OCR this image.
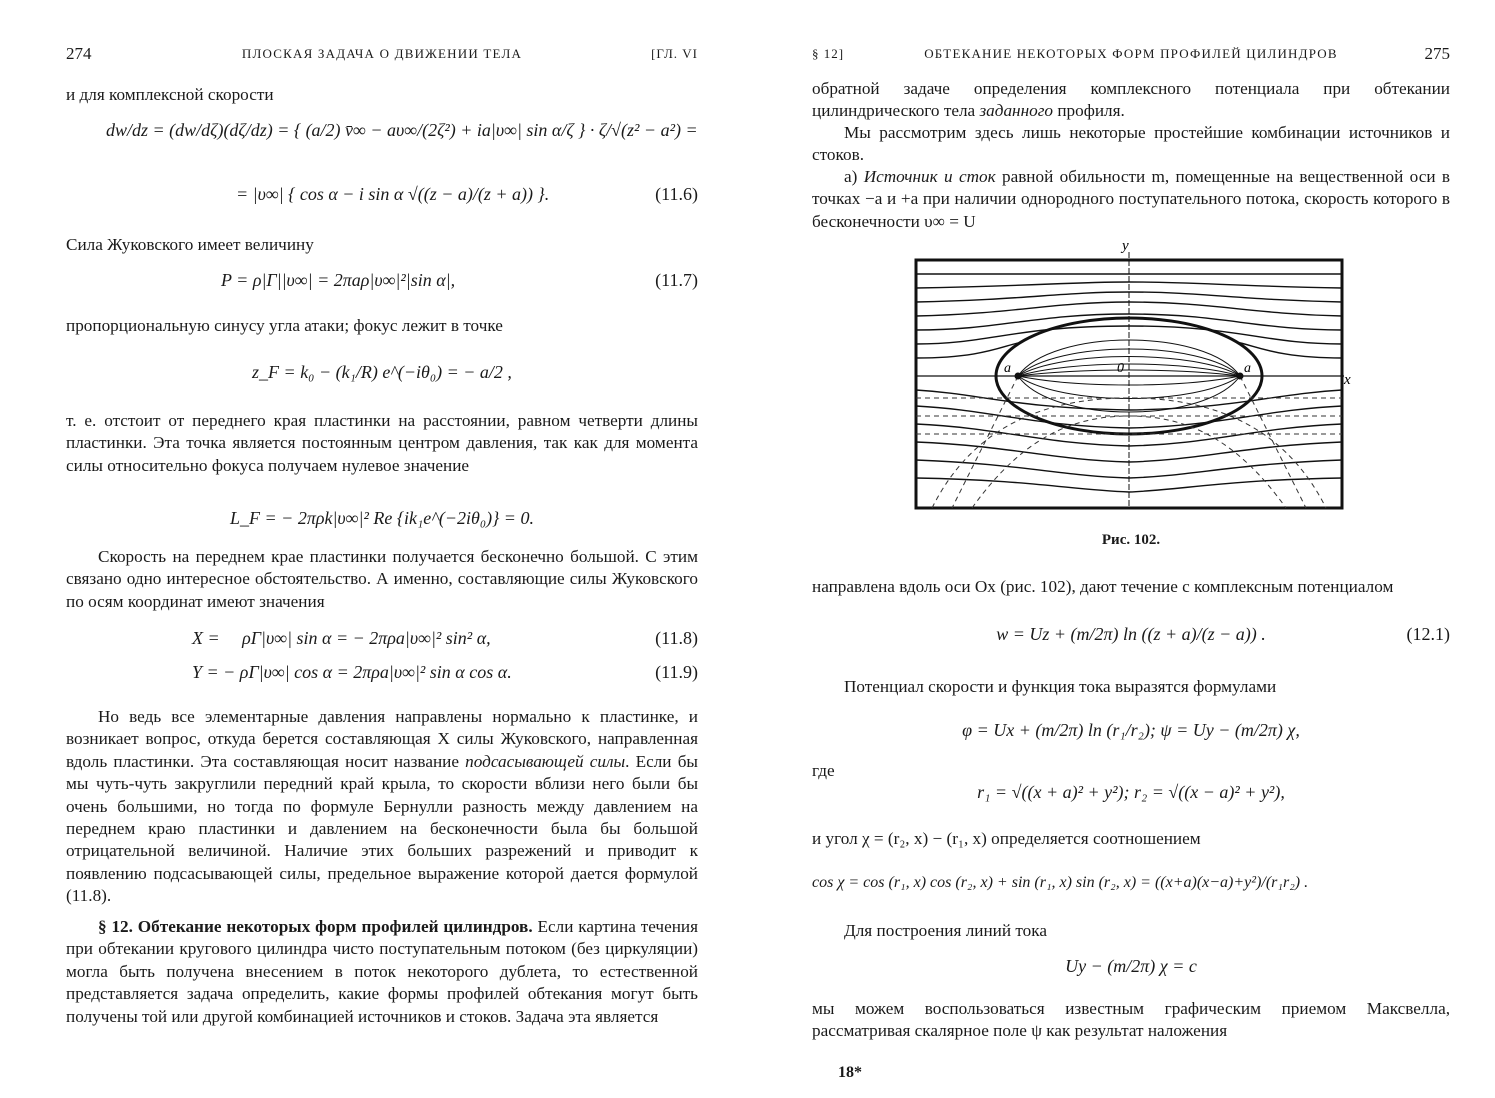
274	ПЛОСКАЯ ЗАДАЧА О ДВИЖЕНИИ ТЕЛА	[ГЛ. VI
и для комплексной скорости
dw/dz = (dw/dζ)(dζ/dz) = { (a/2) v̄∞ − aυ∞/(2ζ²) + ia|υ∞| sin α/ζ } · ζ/√(z² − a²) =
= |υ∞| { cos α − i sin α √((z − a)/(z + a)) }.	(11.6)
Сила Жуковского имеет величину
P = ρ|Γ||υ∞| = 2πaρ|υ∞|²|sin α|,	(11.7)
пропорциональную синусу угла атаки; фокус лежит в точке
z_F = k₀ − (k₁/R) e^(−iθ₀) = − a/2 ,
т. е. отстоит от переднего края пластинки на расстоянии, равном четверти длины пластинки. Эта точка является постоянным центром давления, так как для момента силы относительно фокуса получаем нулевое значение
L_F = − 2πρk|υ∞|² Re {ik₁e^(−2iθ₀)} = 0.
Скорость на переднем крае пластинки получается бесконечно большой. С этим связано одно интересное обстоятельство. А именно, составляющие силы Жуковского по осям координат имеют значения
X =     ρΓ|υ∞| sin α = − 2πρa|υ∞|² sin² α,	(11.8)
Y = − ρΓ|υ∞| cos α = 2πρa|υ∞|² sin α cos α.	(11.9)
Но ведь все элементарные давления направлены нормально к пластинке, и возникает вопрос, откуда берется составляющая X силы Жуковского, направленная вдоль пластинки. Эта составляющая носит название подсасывающей силы. Если бы мы чуть-чуть закруглили передний край крыла, то скорости вблизи него были бы очень большими, но тогда по формуле Бернулли разность между давлением на переднем краю пластинки и давлением на бесконечности была бы большой отрицательной величиной. Наличие этих больших разрежений и приводит к появлению подсасывающей силы, предельное выражение которой дается формулой (11.8).
§ 12. Обтекание некоторых форм профилей цилиндров. Если картина течения при обтекании кругового цилиндра чисто поступательным потоком (без циркуляции) могла быть получена внесением в поток некоторого дублета, то естественной представляется задача определить, какие формы профилей обтекания могут быть получены той или другой комбинацией источников и стоков. Задача эта является
§ 12]	ОБТЕКАНИЕ НЕКОТОРЫХ ФОРМ ПРОФИЛЕЙ ЦИЛИНДРОВ	275
обратной задаче определения комплексного потенциала при обтекании цилиндрического тела заданного профиля.
Мы рассмотрим здесь лишь некоторые простейшие комбинации источников и стоков.
а) Источник и сток равной обильности m, помещенные на вещественной оси в точках −a и +a при наличии однородного поступательного потока, скорость которого в бесконечности υ∞ = U
y
x
0
a	a
Рис. 102.
направлена вдоль оси Ox (рис. 102), дают течение с комплексным потенциалом
w = Uz + (m/2π) ln ((z + a)/(z − a)) .	(12.1)
Потенциал скорости и функция тока выразятся формулами
φ = Ux + (m/2π) ln (r₁/r₂); ψ = Uy − (m/2π) χ,
где
r₁ = √((x + a)² + y²); r₂ = √((x − a)² + y²),
и угол χ = (r₂, x) − (r₁, x) определяется соотношением
cos χ = cos (r₁, x) cos (r₂, x) + sin (r₁, x) sin (r₂, x) = ((x+a)(x−a)+y²)/(r₁r₂) .
Для построения линий тока
Uy − (m/2π) χ = c
мы можем воспользоваться известным графическим приемом Максвелла, рассматривая скалярное поле ψ как результат наложения
18*
